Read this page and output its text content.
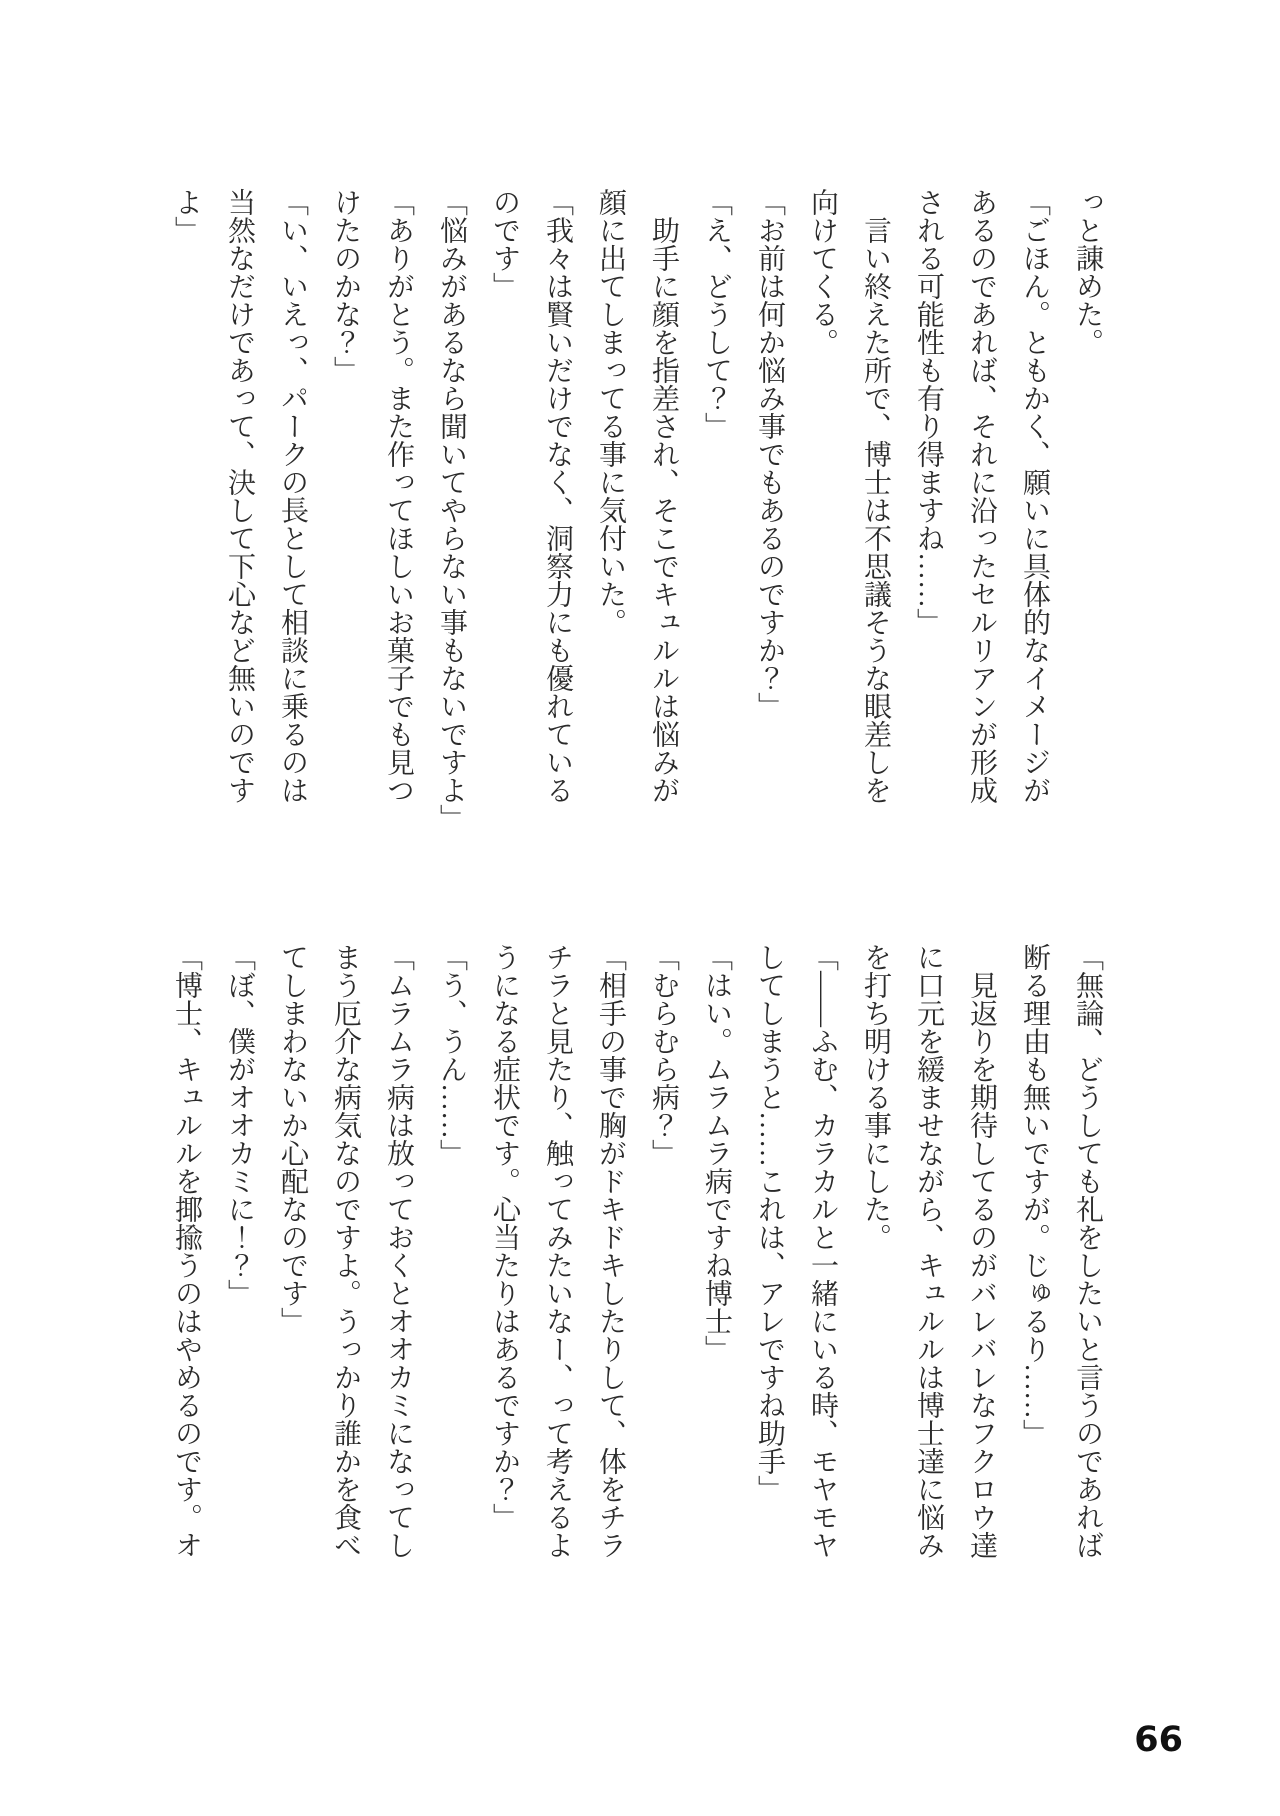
っと諌めた。
「ごほん。ともかく、願いに具体的なイメージが
あるのであれば、それに沿ったセルリアンが形成
される可能性も有り得ますね……」
言い終えた所で、博士は不思議そうな眼差しを
向けてくる。
「お前は何か悩み事でもあるのですか？」
「え、どうして？」
助手に顔を指差され、そこでキュルルは悩みが
顔に出てしまってる事に気付いた。
「我々は賢いだけでなく、洞察力にも優れている
のです」
「悩みがあるなら聞いてやらない事もないですよ」
「ありがとう。また作ってほしいお菓子でも見つ
けたのかな？」
「い、いえっ、パークの長として相談に乗るのは
当然なだけであって、決して下心など無いのです
よ」
「無論、どうしても礼をしたいと言うのであれば
断る理由も無いですが。じゅるり……」
見返りを期待してるのがバレバレなフクロウ達
に口元を緩ませながら、キュルルは博士達に悩み
を打ち明ける事にした。
「――ふむ、カラカルと一緒にいる時、モヤモヤ
してしまうと……これは、アレですね助手」
「はい。ムラムラ病ですね博士」
「むらむら病？」
「相手の事で胸がドキドキしたりして、体をチラ
チラと見たり、触ってみたいなー、って考えるよ
うになる症状です。心当たりはあるですか？」
「う、うん……」
「ムラムラ病は放っておくとオオカミになってし
まう厄介な病気なのですよ。うっかり誰かを食べ
てしまわないか心配なのです」
「ぼ、僕がオオカミに！？」
「博士、キュルルを揶揄うのはやめるのです。オ
66
